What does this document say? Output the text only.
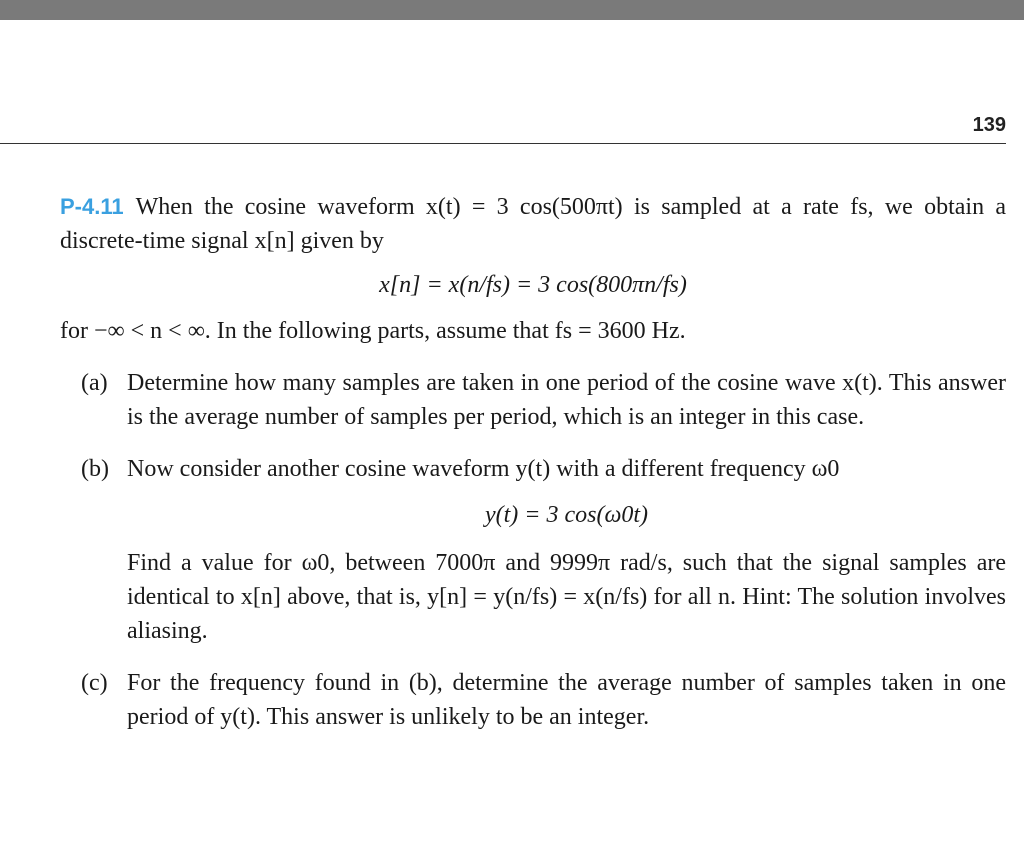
139

P-4.11 When the cosine waveform x(t) = 3 cos(500πt) is sampled at a rate fs, we obtain a discrete-time signal x[n] given by

x[n] = x(n/fs) = 3 cos(800πn/fs)

for −∞ < n < ∞. In the following parts, assume that fs = 3600 Hz.

(a) Determine how many samples are taken in one period of the cosine wave x(t). This answer is the average number of samples per period, which is an integer in this case.
(b) Now consider another cosine waveform y(t) with a different frequency ω0
y(t) = 3 cos(ω0t)
Find a value for ω0, between 7000π and 9999π rad/s, such that the signal samples are identical to x[n] above, that is, y[n] = y(n/fs) = x(n/fs) for all n. Hint: The solution involves aliasing.
(c) For the frequency found in (b), determine the average number of samples taken in one period of y(t). This answer is unlikely to be an integer.
